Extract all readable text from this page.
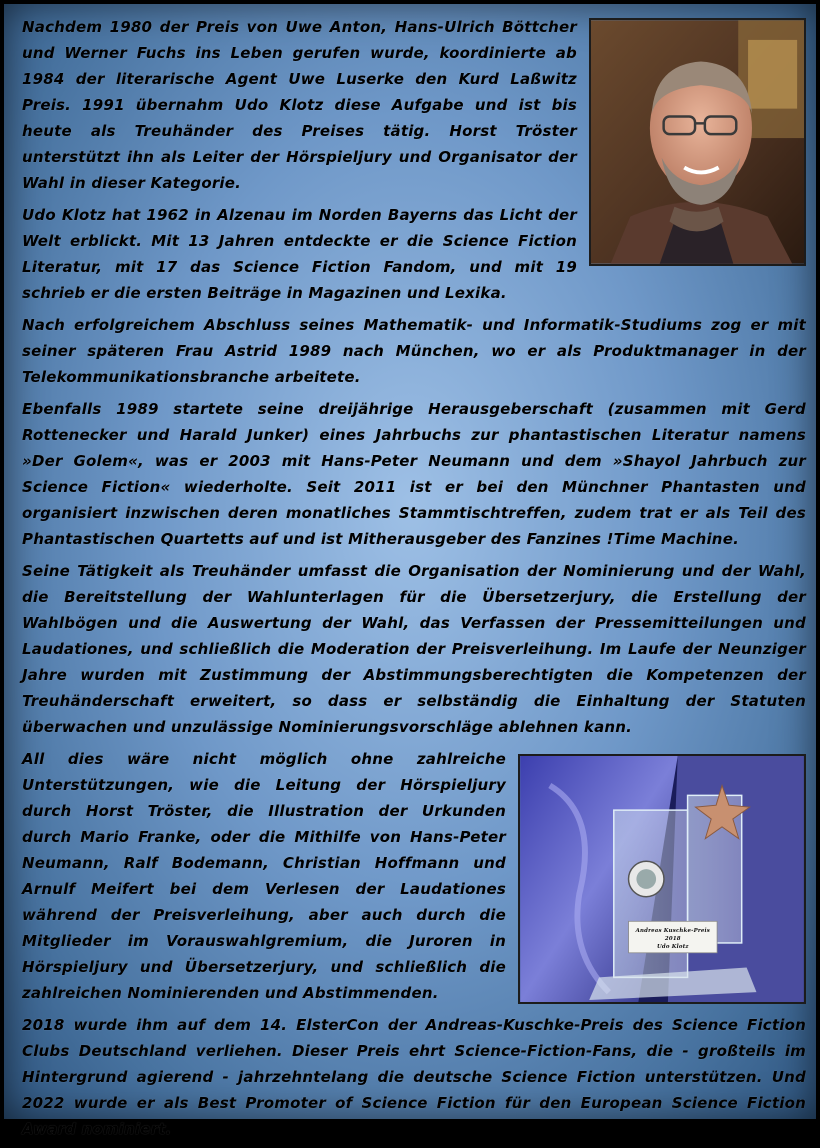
Nachdem 1980 der Preis von Uwe Anton, Hans-Ulrich Böttcher und Werner Fuchs ins Leben gerufen wurde, koordinierte ab 1984 der literarische Agent Uwe Luserke den Kurd Laßwitz Preis. 1991 übernahm Udo Klotz diese Aufgabe und ist bis heute als Treuhänder des Preises tätig. Horst Tröster unterstützt ihn als Leiter der Hörspieljury und Organisator der Wahl in dieser Kategorie.

Udo Klotz hat 1962 in Alzenau im Norden Bayerns das Licht der Welt erblickt. Mit 13 Jahren entdeckte er die Science Fiction Literatur, mit 17 das Science Fiction Fandom, und mit 19 schrieb er die ersten Beiträge in Magazinen und Lexika.

Nach erfolgreichem Abschluss seines Mathematik- und Informatik-Studiums zog er mit seiner späteren Frau Astrid 1989 nach München, wo er als Produktmanager in der Telekommunikationsbranche arbeitete.

Ebenfalls 1989 startete seine dreijährige Herausgeberschaft (zusammen mit Gerd Rottenecker und Harald Junker) eines Jahrbuchs zur phantastischen Literatur namens »Der Golem«, was er 2003 mit Hans-Peter Neumann und dem »Shayol Jahrbuch zur Science Fiction« wiederholte. Seit 2011 ist er bei den Münchner Phantasten und organisiert inzwischen deren monatliches Stammtischtreffen, zudem trat er als Teil des Phantastischen Quartetts auf und ist Mitherausgeber des Fanzines !Time Machine.

Seine Tätigkeit als Treuhänder umfasst die Organisation der Nominierung und der Wahl, die Bereitstellung der Wahlunterlagen für die Übersetzerjury, die Erstellung der Wahlbögen und die Auswertung der Wahl, das Verfassen der Pressemitteilungen und Laudationes, und schließlich die Moderation der Preisverleihung. Im Laufe der Neunziger Jahre wurden mit Zustimmung der Abstimmungsberechtigten die Kompetenzen der Treuhänderschaft erweitert, so dass er selbständig die Einhaltung der Statuten überwachen und unzulässige Nominierungsvorschläge ablehnen kann.

Andreas Kuschke-Preis
2018
Udo Klotz

All dies wäre nicht möglich ohne zahlreiche Unterstützungen, wie die Leitung der Hörspieljury durch Horst Tröster, die Illustration der Urkunden durch Mario Franke, oder die Mithilfe von Hans-Peter Neumann, Ralf Bodemann, Christian Hoffmann und Arnulf Meifert bei dem Verlesen der Laudationes während der Preisverleihung, aber auch durch die Mitglieder im Vorauswahlgremium, die Juroren in Hörspieljury und Übersetzerjury, und schließlich die zahlreichen Nominierenden und Abstimmenden.

2018 wurde ihm auf dem 14. ElsterCon der Andreas-Kuschke-Preis des Science Fiction Clubs Deutschland verliehen. Dieser Preis ehrt Science-Fiction-Fans, die - großteils im Hintergrund agierend - jahrzehntelang die deutsche Science Fiction unterstützen. Und 2022 wurde er als Best Promoter of Science Fiction für den European Science Fiction Award nominiert.
